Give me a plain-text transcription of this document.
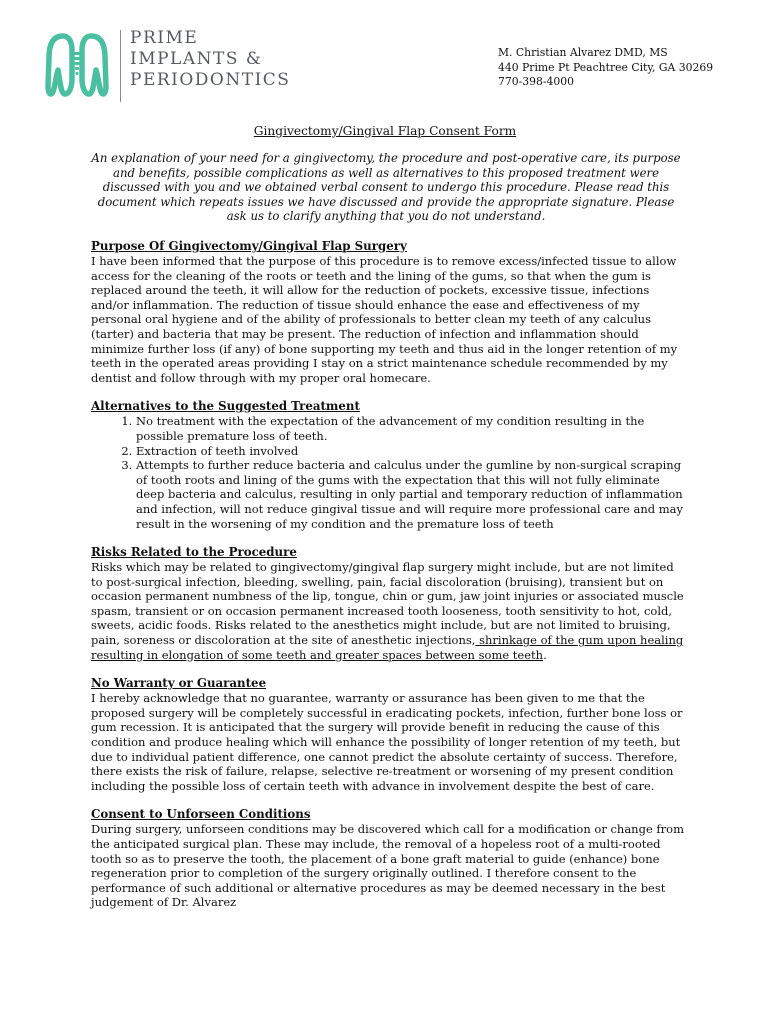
PRIME
IMPLANTS &
PERIODONTICS
M. Christian Alvarez DMD, MS
440 Prime Pt Peachtree City, GA 30269
770-398-4000
Gingivectomy/Gingival Flap Consent Form
An explanation of your need for a gingivectomy, the procedure and post-operative care, its purpose and benefits, possible complications as well as alternatives to this proposed treatment were discussed with you and we obtained verbal consent to undergo this procedure. Please read this document which repeats issues we have discussed and provide the appropriate signature. Please ask us to clarify anything that you do not understand.
Purpose Of Gingivectomy/Gingival Flap Surgery

I have been informed that the purpose of this procedure is to remove excess/infected tissue to allow access for the cleaning of the roots or teeth and the lining of the gums, so that when the gum is replaced around the teeth, it will allow for the reduction of pockets, excessive tissue, infections and/or inflammation. The reduction of tissue should enhance the ease and effectiveness of my personal oral hygiene and of the ability of professionals to better clean my teeth of any calculus (tarter) and bacteria that may be present. The reduction of infection and inflammation should minimize further loss (if any) of bone supporting my teeth and thus aid in the longer retention of my teeth in the operated areas providing I stay on a strict maintenance schedule recommended by my dentist and follow through with my proper oral homecare.

Alternatives to the Suggested Treatment
1. No treatment with the expectation of the advancement of my condition resulting in the possible premature loss of teeth.
2. Extraction of teeth involved
3. Attempts to further reduce bacteria and calculus under the gumline by non-surgical scraping of tooth roots and lining of the gums with the expectation that this will not fully eliminate deep bacteria and calculus, resulting in only partial and temporary reduction of inflammation and infection, will not reduce gingival tissue and will require more professional care and may result in the worsening of my condition and the premature loss of teeth
Risks Related to the Procedure

Risks which may be related to gingivectomy/gingival flap surgery might include, but are not limited to post-surgical infection, bleeding, swelling, pain, facial discoloration (bruising), transient but on occasion permanent numbness of the lip, tongue, chin or gum, jaw joint injuries or associated muscle spasm, transient or on occasion permanent increased tooth looseness, tooth sensitivity to hot, cold, sweets, acidic foods. Risks related to the anesthetics might include, but are not limited to bruising, pain, soreness or discoloration at the site of anesthetic injections, shrinkage of the gum upon healing resulting in elongation of some teeth and greater spaces between some teeth.

No Warranty or Guarantee

I hereby acknowledge that no guarantee, warranty or assurance has been given to me that the proposed surgery will be completely successful in eradicating pockets, infection, further bone loss or gum recession. It is anticipated that the surgery will provide benefit in reducing the cause of this condition and produce healing which will enhance the possibility of longer retention of my teeth, but due to individual patient difference, one cannot predict the absolute certainty of success. Therefore, there exists the risk of failure, relapse, selective re-treatment or worsening of my present condition including the possible loss of certain teeth with advance in involvement despite the best of care.

Consent to Unforseen Conditions

During surgery, unforseen conditions may be discovered which call for a modification or change from the anticipated surgical plan. These may include, the removal of a hopeless root of a multi-rooted tooth so as to preserve the tooth, the placement of a bone graft material to guide (enhance) bone regeneration prior to completion of the surgery originally outlined. I therefore consent to the performance of such additional or alternative procedures as may be deemed necessary in the best judgement of Dr. Alvarez
